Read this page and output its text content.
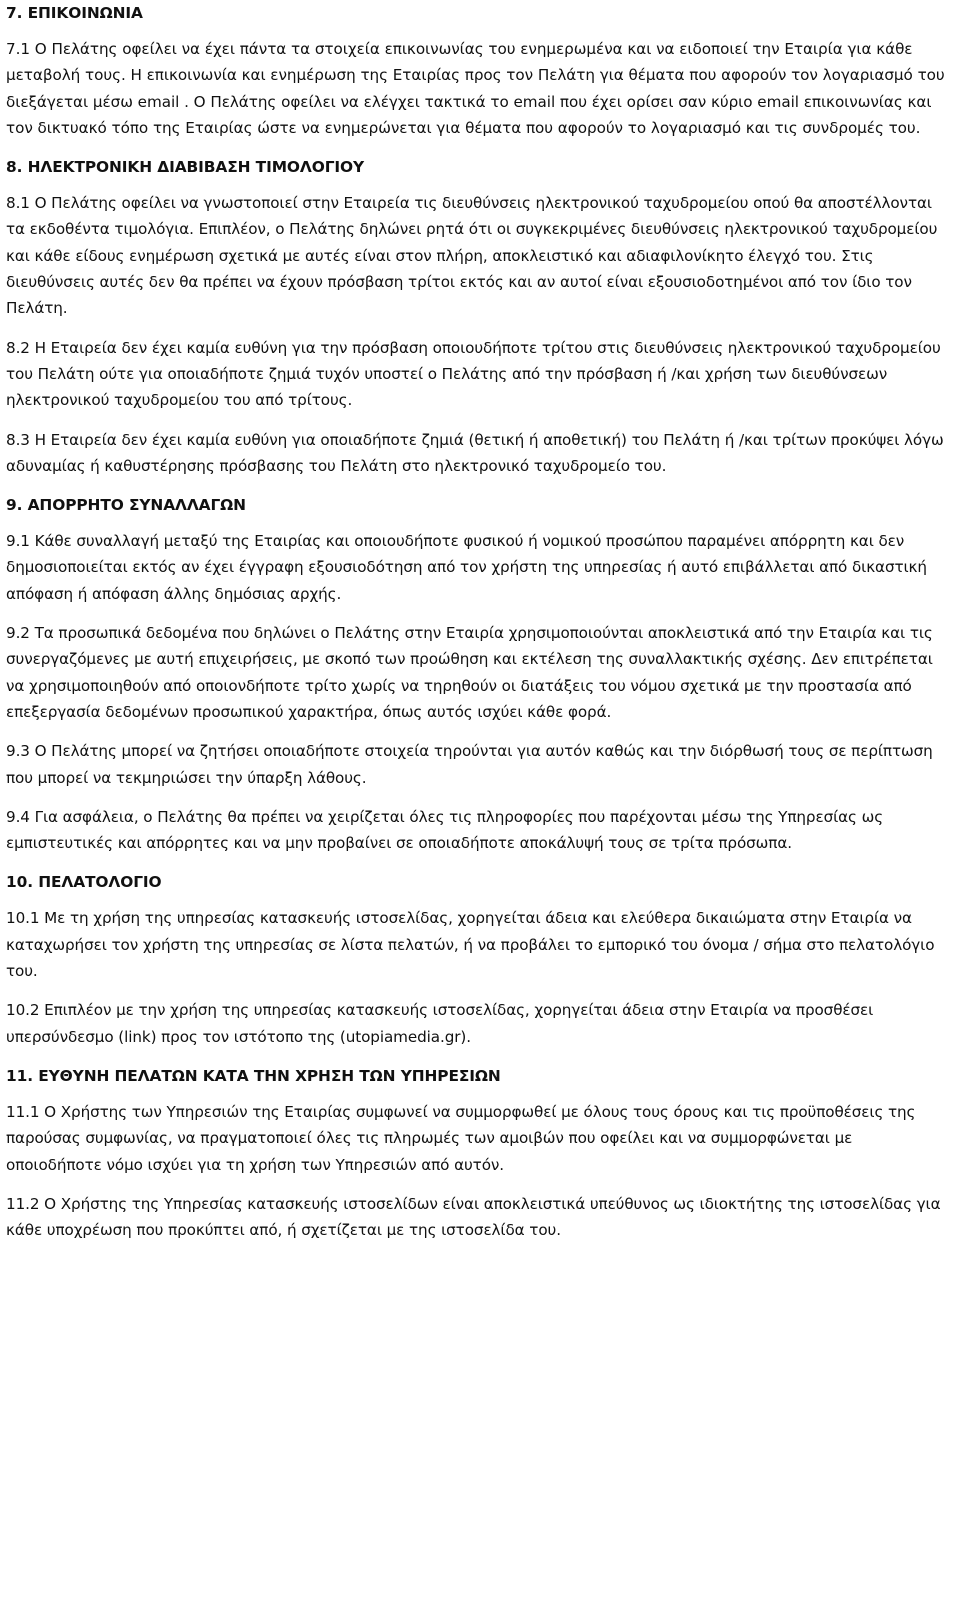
7. ΕΠΙΚΟΙΝΩΝΙΑ

7.1 Ο Πελάτης οφείλει να έχει πάντα τα στοιχεία επικοινωνίας του ενημερωμένα και να ειδοποιεί την Εταιρία για κάθε μεταβολή τους. Η επικοινωνία και ενημέρωση της Εταιρίας προς τον Πελάτη για θέματα που αφορούν τον λογαριασμό του διεξάγεται μέσω email . Ο Πελάτης οφείλει να ελέγχει τακτικά το email που έχει ορίσει σαν κύριο email επικοινωνίας και τον δικτυακό τόπο της Εταιρίας ώστε να ενημερώνεται για θέματα που αφορούν το λογαριασμό και τις συνδρομές του.

8. ΗΛΕΚΤΡΟΝΙΚΗ ΔΙΑΒΙΒΑΣΗ ΤΙΜΟΛΟΓΙΟΥ

8.1 Ο Πελάτης οφείλει να γνωστοποιεί στην Εταιρεία τις διευθύνσεις ηλεκτρονικού ταχυδρομείου οπού θα αποστέλλονται τα εκδοθέντα τιμολόγια. Επιπλέον, ο Πελάτης δηλώνει ρητά ότι οι συγκεκριμένες διευθύνσεις ηλεκτρονικού ταχυδρομείου και κάθε είδους ενημέρωση σχετικά με αυτές είναι στον πλήρη, αποκλειστικό και αδιαφιλονίκητο έλεγχό του. Στις διευθύνσεις αυτές δεν θα πρέπει να έχουν πρόσβαση τρίτοι εκτός και αν αυτοί είναι εξουσιοδοτημένοι από τον ίδιο τον Πελάτη.

8.2 Η Εταιρεία δεν έχει καμία ευθύνη για την πρόσβαση οποιουδήποτε τρίτου στις διευθύνσεις ηλεκτρονικού ταχυδρομείου του Πελάτη ούτε για οποιαδήποτε ζημιά τυχόν υποστεί ο Πελάτης από την πρόσβαση ή /και χρήση των διευθύνσεων ηλεκτρονικού ταχυδρομείου του από τρίτους.

8.3 Η Εταιρεία δεν έχει καμία ευθύνη για οποιαδήποτε ζημιά (θετική ή αποθετική) του Πελάτη ή /και τρίτων προκύψει λόγω αδυναμίας ή καθυστέρησης πρόσβασης του Πελάτη στο ηλεκτρονικό ταχυδρομείο του.

9. ΑΠΟΡΡΗΤΟ ΣΥΝΑΛΛΑΓΩΝ

9.1 Κάθε συναλλαγή μεταξύ της Εταιρίας και οποιουδήποτε φυσικού ή νομικού προσώπου παραμένει απόρρητη και δεν δημοσιοποιείται εκτός αν έχει έγγραφη εξουσιοδότηση από τον χρήστη της υπηρεσίας ή αυτό επιβάλλεται από δικαστική απόφαση ή απόφαση άλλης δημόσιας αρχής.

9.2 Τα προσωπικά δεδομένα που δηλώνει ο Πελάτης στην Εταιρία χρησιμοποιούνται αποκλειστικά από την Εταιρία και τις συνεργαζόμενες με αυτή επιχειρήσεις, με σκοπό των προώθηση και εκτέλεση της συναλλακτικής σχέσης. Δεν επιτρέπεται να χρησιμοποιηθούν από οποιονδήποτε τρίτο χωρίς να τηρηθούν οι διατάξεις του νόμου σχετικά με την προστασία από επεξεργασία δεδομένων προσωπικού χαρακτήρα, όπως αυτός ισχύει κάθε φορά.

9.3 Ο Πελάτης μπορεί να ζητήσει οποιαδήποτε στοιχεία τηρούνται για αυτόν καθώς και την διόρθωσή τους σε περίπτωση που μπορεί να τεκμηριώσει την ύπαρξη λάθους.

9.4 Για ασφάλεια, ο Πελάτης θα πρέπει να χειρίζεται όλες τις πληροφορίες που παρέχονται μέσω της Υπηρεσίας ως εμπιστευτικές και απόρρητες και να μην προβαίνει σε οποιαδήποτε αποκάλυψή τους σε τρίτα πρόσωπα.

10. ΠΕΛΑΤΟΛΟΓΙΟ

10.1 Με τη χρήση της υπηρεσίας κατασκευής ιστοσελίδας, χορηγείται άδεια και ελεύθερα δικαιώματα στην Εταιρία να καταχωρήσει τον χρήστη της υπηρεσίας σε λίστα πελατών, ή να προβάλει το εμπορικό του όνομα / σήμα στο πελατολόγιο του.

10.2 Επιπλέον με την χρήση της υπηρεσίας κατασκευής ιστοσελίδας, χορηγείται άδεια στην Εταιρία να προσθέσει υπερσύνδεσμο (link) προς τον ιστότοπο της (utopiamedia.gr).

11. ΕΥΘΥΝΗ ΠΕΛΑΤΩΝ ΚΑΤΑ ΤΗΝ ΧΡΗΣΗ ΤΩΝ ΥΠΗΡΕΣΙΩΝ

11.1 Ο Χρήστης των Υπηρεσιών της Εταιρίας συμφωνεί να συμμορφωθεί με όλους τους όρους και τις προϋποθέσεις της παρούσας συμφωνίας, να πραγματοποιεί όλες τις πληρωμές των αμοιβών που οφείλει και να συμμορφώνεται με οποιοδήποτε νόμο ισχύει για τη χρήση των Υπηρεσιών από αυτόν.

11.2 Ο Χρήστης της Υπηρεσίας κατασκευής ιστοσελίδων είναι αποκλειστικά υπεύθυνος ως ιδιοκτήτης της ιστοσελίδας για κάθε υποχρέωση που προκύπτει από, ή σχετίζεται με της ιστοσελίδα του.
